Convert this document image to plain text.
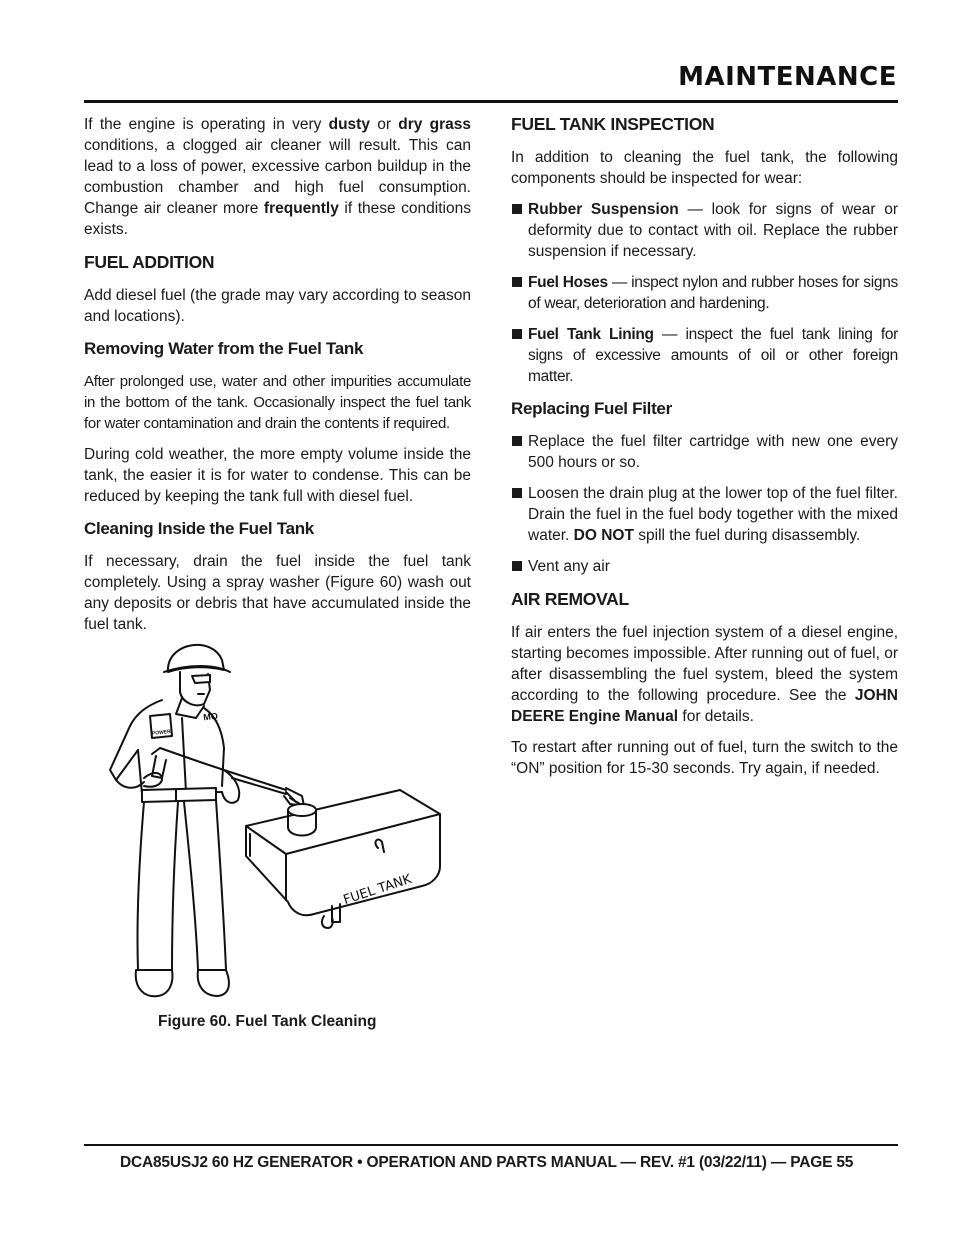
MAINTENANCE

If the engine is operating in very dusty or dry grass conditions, a clogged air cleaner will result. This can lead to a loss of power, excessive carbon buildup in the combustion chamber and high fuel consumption. Change air cleaner more frequently if these conditions exists.

FUEL ADDITION

Add diesel fuel (the grade may vary according to season and locations).

Removing Water from the Fuel Tank

After prolonged use, water and other impurities accumulate in the bottom of the tank. Occasionally inspect the fuel tank for water contamination and drain the contents if required.

During cold weather, the more empty volume inside the tank, the easier it is for water to condense. This can be reduced by keeping the tank full with diesel fuel.

Cleaning Inside the Fuel Tank

If necessary, drain the fuel inside the fuel tank completely. Using a spray washer (Figure 60) wash out any deposits or debris that have accumulated inside the fuel tank.

MQ
POWER
FUEL TANK
Figure 60. Fuel Tank Cleaning
FUEL TANK INSPECTION

In addition to cleaning the fuel tank, the following components should be inspected for wear:

Rubber Suspension — look for signs of wear or deformity due to contact with oil. Replace the rubber suspension if necessary.
Fuel Hoses — inspect nylon and rubber hoses for signs of wear, deterioration and hardening.
Fuel Tank Lining — inspect the fuel tank lining for signs of excessive amounts of oil or other foreign matter.
Replacing Fuel Filter
Replace the fuel filter cartridge with new one every 500 hours or so.
Loosen the drain plug at the lower top of the fuel filter. Drain the fuel in the fuel body together with the mixed water. DO NOT spill the fuel during disassembly.
Vent any air
AIR REMOVAL

If air enters the fuel injection system of a diesel engine, starting becomes impossible. After running out of fuel, or after disassembling the fuel system, bleed the system according to the following procedure. See the JOHN DEERE Engine Manual for details.

To restart after running out of fuel, turn the switch to the “ON” position for 15-30 seconds. Try again, if needed.

DCA85USJ2 60 HZ GENERATOR • OPERATION AND PARTS MANUAL — REV. #1 (03/22/11) — PAGE 55
